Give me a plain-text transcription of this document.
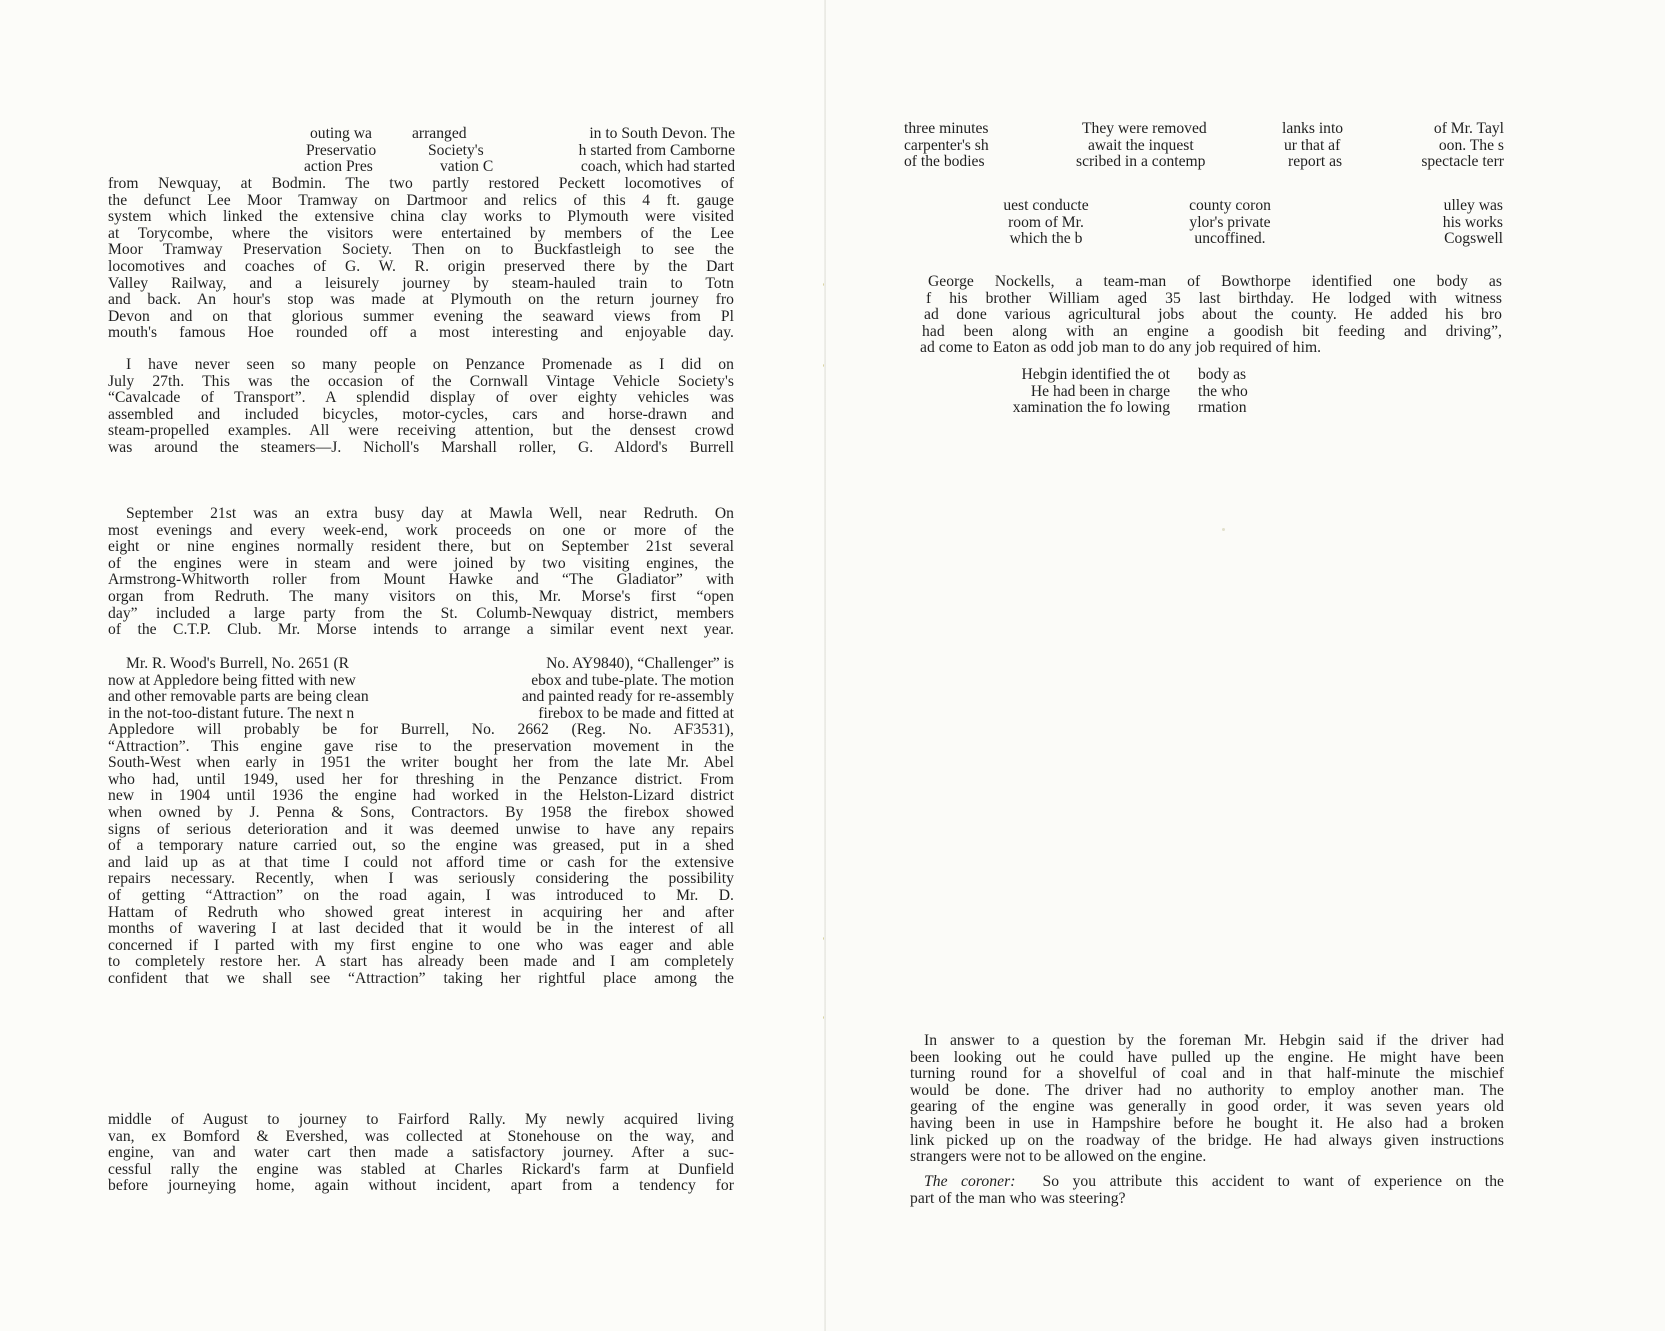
outing wa
Preservatio
action Pres
arranged
Society's
vation C
in to South Devon. The
h started from Camborne
coach, which had started
from Newquay, at Bodmin. The two partly restored Peckett locomotives of
the defunct Lee Moor Tramway on Dartmoor and relics of this 4 ft. gauge
system which linked the extensive china clay works to Plymouth were visited
at Torycombe, where the visitors were entertained by members of the Lee
Moor Tramway Preservation Society. Then on to Buckfastleigh to see the
locomotives and coaches of G. W. R. origin preserved there by the Dart
Valley Railway, and a leisurely journey by steam-hauled train to Totn
and back. An hour's stop was made at Plymouth on the return journey fro
Devon and on that glorious summer evening the seaward views from Pl
mouth's famous Hoe rounded off a most interesting and enjoyable day.
I have never seen so many people on Penzance Promenade as I did on
July 27th. This was the occasion of the Cornwall Vintage Vehicle Society's
“Cavalcade of Transport”. A splendid display of over eighty vehicles was
assembled and included bicycles, motor-cycles, cars and horse-drawn and
steam-propelled examples. All were receiving attention, but the densest crowd
was around the steamers—J. Nicholl's Marshall roller, G. Aldord's Burrell
September 21st was an extra busy day at Mawla Well, near Redruth. On
most evenings and every week-end, work proceeds on one or more of the
eight or nine engines normally resident there, but on September 21st several
of the engines were in steam and were joined by two visiting engines, the
Armstrong-Whitworth roller from Mount Hawke and “The Gladiator” with
organ from Redruth. The many visitors on this, Mr. Morse's first “open
day” included a large party from the St. Columb-Newquay district, members
of the C.T.P. Club. Mr. Morse intends to arrange a similar event next year.
Mr. R. Wood's Burrell, No. 2651 (R
now at Appledore being fitted with new
and other removable parts are being clean
in the not-too-distant future. The next n
No. AY9840), “Challenger” is
ebox and tube-plate. The motion
and painted ready for re-assembly
firebox to be made and fitted at
Appledore will probably be for Burrell, No. 2662 (Reg. No. AF3531),
“Attraction”. This engine gave rise to the preservation movement in the
South-West when early in 1951 the writer bought her from the late Mr. Abel
who had, until 1949, used her for threshing in the Penzance district. From
new in 1904 until 1936 the engine had worked in the Helston-Lizard district
when owned by J. Penna & Sons, Contractors. By 1958 the firebox showed
signs of serious deterioration and it was deemed unwise to have any repairs
of a temporary nature carried out, so the engine was greased, put in a shed
and laid up as at that time I could not afford time or cash for the extensive
repairs necessary. Recently, when I was seriously considering the possibility
of getting “Attraction” on the road again, I was introduced to Mr. D.
Hattam of Redruth who showed great interest in acquiring her and after
months of wavering I at last decided that it would be in the interest of all
concerned if I parted with my first engine to one who was eager and able
to completely restore her. A start has already been made and I am completely
confident that we shall see “Attraction” taking her rightful place among the
middle of August to journey to Fairford Rally. My newly acquired living
van, ex Bomford & Evershed, was collected at Stonehouse on the way, and
engine, van and water cart then made a satisfactory journey. After a suc-
cessful rally the engine was stabled at Charles Rickard's farm at Dunfield
before journeying home, again without incident, apart from a tendency for
three minutes
carpenter's sh
of the bodies
They were removed
await the inquest
scribed in a contemp
lanks into
ur that af
report as
of Mr. Tayl
oon. The s
spectacle terr
uest conducte
room of Mr.
which the b
county coron
ylor's private
uncoffined.
ulley was
his works
Cogswell
George Nockells, a team-man of Bowthorpe identified one body as
f his brother William aged 35 last birthday. He lodged with witness
ad done various agricultural jobs about the county. He added his bro
had been along with an engine a goodish bit feeding and driving”,
ad come to Eaton as odd job man to do any job required of him.
Hebgin identified the ot
He had been in charge
xamination the fo lowing
body as
the who
rmation
In answer to a question by the foreman Mr. Hebgin said if the driver had
been looking out he could have pulled up the engine. He might have been
turning round for a shovelful of coal and in that half-minute the mischief
would be done. The driver had no authority to employ another man. The
gearing of the engine was generally in good order, it was seven years old
having been in use in Hampshire before he bought it. He also had a broken
link picked up on the roadway of the bridge. He had always given instructions
strangers were not to be allowed on the engine.
The coroner: So you attribute this accident to want of experience on the
part of the man who was steering?
